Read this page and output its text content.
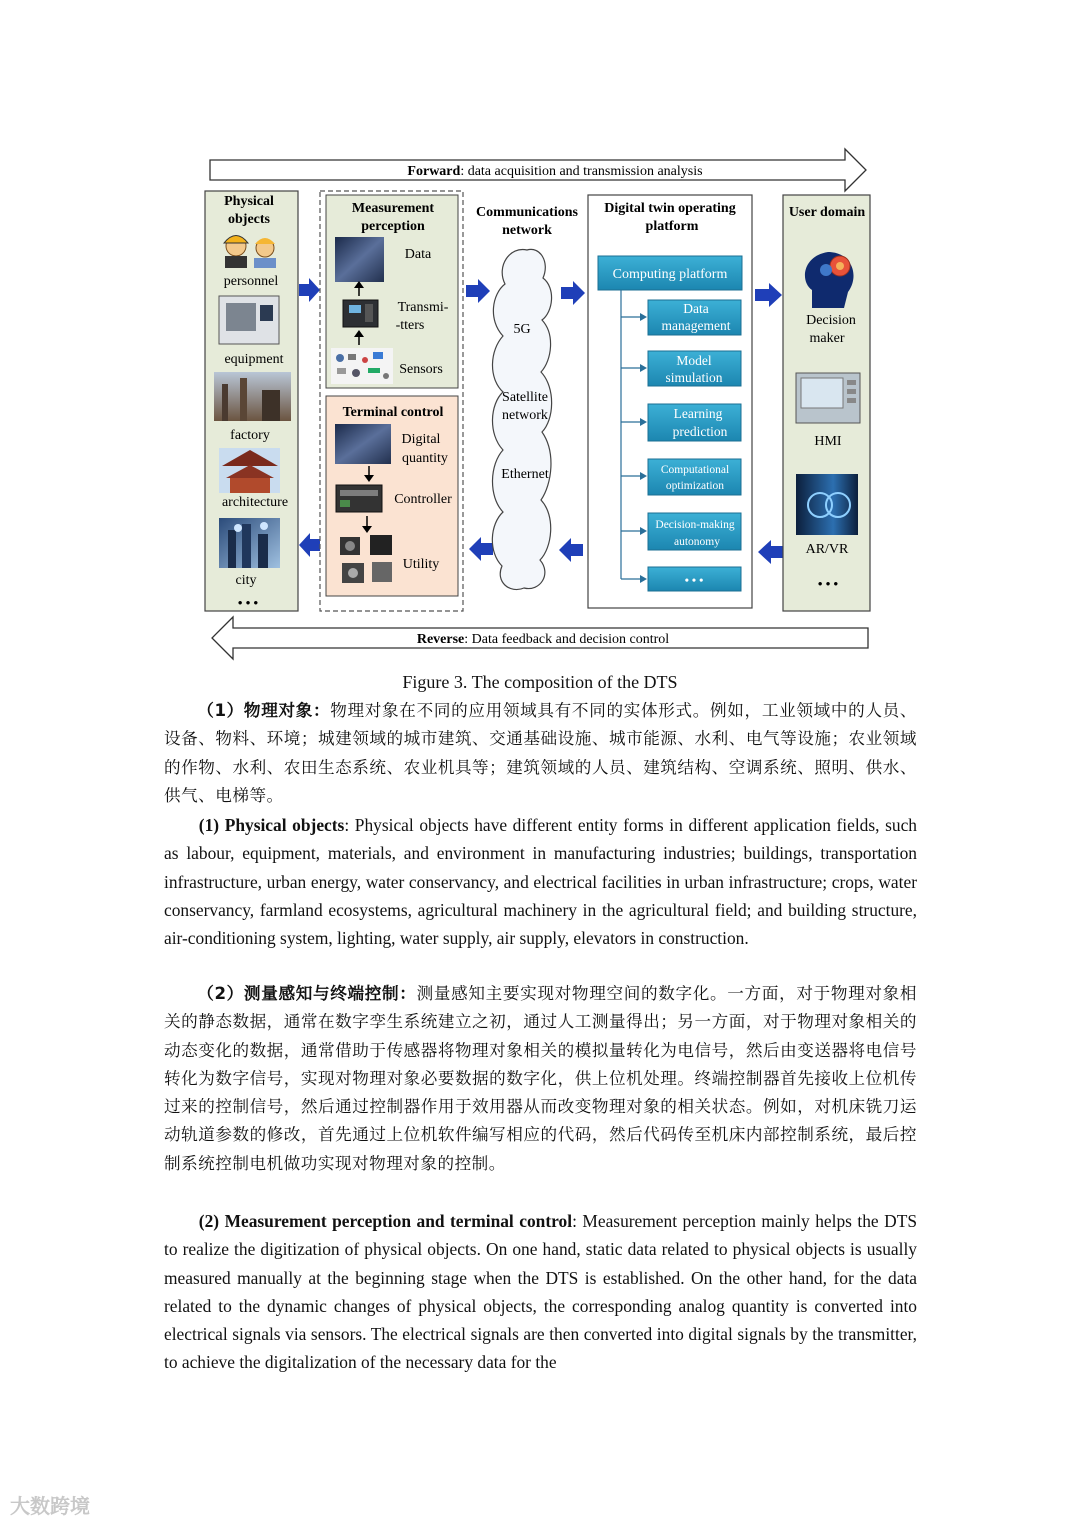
Forward: data acquisition and transmission analysis
Reverse: Data feedback and decision control
Physical
objects
personnel
equipment
factory
architecture
city
• • •
Measurement
perception
Data
Transmi-
-tters
Sensors
Terminal control
Digital
quantity
Controller
Utility
Communications
network
5G
Satellite
network
Ethernet
Digital twin operating
platform
Computing platform
Data
management
Model
simulation
Learning
prediction
Computational
optimization
Decision-making
autonomy
• • •
User domain
Decision
maker
HMI
AR/VR
• • •
Figure 3. The composition of the DTS

（1）物理对象：物理对象在不同的应用领域具有不同的实体形式。例如，工业领域中的人员、设备、物料、环境；城建领域的城市建筑、交通基础设施、城市能源、水利、电气等设施；农业领域的作物、水利、农田生态系统、农业机具等；建筑领域的人员、建筑结构、空调系统、照明、供水、供气、电梯等。

(1) Physical objects: Physical objects have different entity forms in different application fields, such as labour, equipment, materials, and environment in manufacturing industries; buildings, transportation infrastructure, urban energy, water conservancy, and electrical facilities in urban infrastructure; crops, water conservancy, farmland ecosystems, agricultural machinery in the agricultural field; and building structure, air-conditioning system, lighting, water supply, air supply, elevators in construction.

（2）测量感知与终端控制：测量感知主要实现对物理空间的数字化。一方面，对于物理对象相关的静态数据，通常在数字孪生系统建立之初，通过人工测量得出；另一方面，对于物理对象相关的动态变化的数据，通常借助于传感器将物理对象相关的模拟量转化为电信号，然后由变送器将电信号转化为数字信号，实现对物理对象必要数据的数字化，供上位机处理。终端控制器首先接收上位机传过来的控制信号，然后通过控制器作用于效用器从而改变物理对象的相关状态。例如，对机床铣刀运动轨道参数的修改，首先通过上位机软件编写相应的代码，然后代码传至机床内部控制系统，最后控制系统控制电机做功实现对物理对象的控制。

(2) Measurement perception and terminal control: Measurement perception mainly helps the DTS to realize the digitization of physical objects. On one hand, static data related to physical objects is usually measured manually at the beginning stage when the DTS is established. On the other hand, for the data related to the dynamic changes of physical objects, the corresponding analog quantity is converted into electrical signals via sensors. The electrical signals are then converted into digital signals by the transmitter, to achieve the digitalization of the necessary data for the

大数跨境
